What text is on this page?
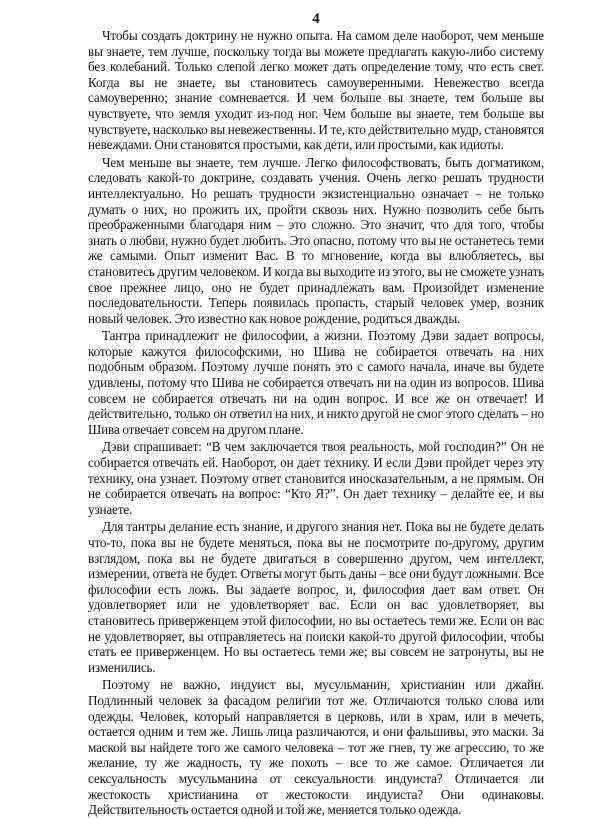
4

Чтобы создать доктрину не нужно опыта. На самом деле наоборот, чем меньше вы знаете, тем лучше, поскольку тогда вы можете предлагать какую-либо систему без колебаний. Только слепой легко может дать определение тому, что есть свет. Когда вы не знаете, вы становитесь самоуверенными. Невежество всегда самоуверенно; знание сомневается. И чем больше вы знаете, тем больше вы чувствуете, что земля уходит из-под ног. Чем больше вы знаете, тем больше вы чувствуете, насколько вы невежественны. И те, кто действительно мудр, становятся невеждами. Они становятся простыми, как дети, или простыми, как идиоты.

Чем меньше вы знаете, тем лучше. Легко философствовать, быть догматиком, следовать какой-то доктрине, создавать учения. Очень легко решать трудности интеллектуально. Но решать трудности экзистенциально означает – не только думать о них, но прожить их, пройти сквозь них. Нужно позволить себе быть преображенными благодаря ним – это сложно. Это значит, что для того, чтобы знать о любви, нужно будет любить. Это опасно, потому что вы не останетесь теми же самыми. Опыт изменит Вас. В то мгновение, когда вы влюбляетесь, вы становитесь другим человеком. И когда вы выходите из этого, вы не сможете узнать свое прежнее лицо, оно не будет принадлежать вам. Произойдет изменение последовательности. Теперь появилась пропасть, старый человек умер, возник новый человек. Это известно как новое рождение, родиться дважды.

Тантра принадлежит не философии, а жизни. Поэтому Дэви задает вопросы, которые кажутся философскими, но Шива не собирается отвечать на них подобным образом. Поэтому лучше понять это с самого начала, иначе вы будете удивлены, потому что Шива не собирается отвечать ни на один из вопросов. Шива совсем не собирается отвечать ни на один вопрос. И все же он отвечает! И действительно, только он ответил на них, и никто другой не смог этого сделать – но Шива отвечает совсем на другом плане.

Дэви спрашивает: “В чем заключается твоя реальность, мой господин?” Он не собирается отвечать ей. Наоборот, он дает технику. И если Дэви пройдет через эту технику, она узнает. Поэтому ответ становится иносказательным, а не прямым. Он не собирается отвечать на вопрос: “Кто Я?”. Он дает технику – делайте ее, и вы узнаете.

Для тантры делание есть знание, и другого знания нет. Пока вы не будете делать что-то, пока вы не будете меняться, пока вы не посмотрите по-другому, другим взглядом, пока вы не будете двигаться в совершенно другом, чем интеллект, измерении, ответа не будет. Ответы могут быть даны – все они будут ложными. Все философии есть ложь. Вы задаете вопрос, и, философия дает вам ответ. Он удовлетворяет или не удовлетворяет вас. Если он вас удовлетворяет, вы становитесь приверженцем этой философии, но вы остаетесь теми же. Если он вас не удовлетворяет, вы отправляетесь на поиски какой-то другой философии, чтобы стать ее приверженцем. Но вы остаетесь теми же; вы совсем не затронуты, вы не изменились.

Поэтому не важно, индуист вы, мусульманин, христианин или джайн. Подлинный человек за фасадом религии тот же. Отличаются только слова или одежды. Человек, который направляется в церковь, или в храм, или в мечеть, остается одним и тем же. Лишь лица различаются, и они фальшивы, это маски. За маской вы найдете того же самого человека – тот же гнев, ту же агрессию, то же желание, ту же жадность, ту же похоть – все то же самое. Отличается ли сексуальность мусульманина от сексуальности индуиста? Отличается ли жестокость христианина от жестокости индуиста? Они одинаковы. Действительность остается одной и той же, меняется только одежда.
